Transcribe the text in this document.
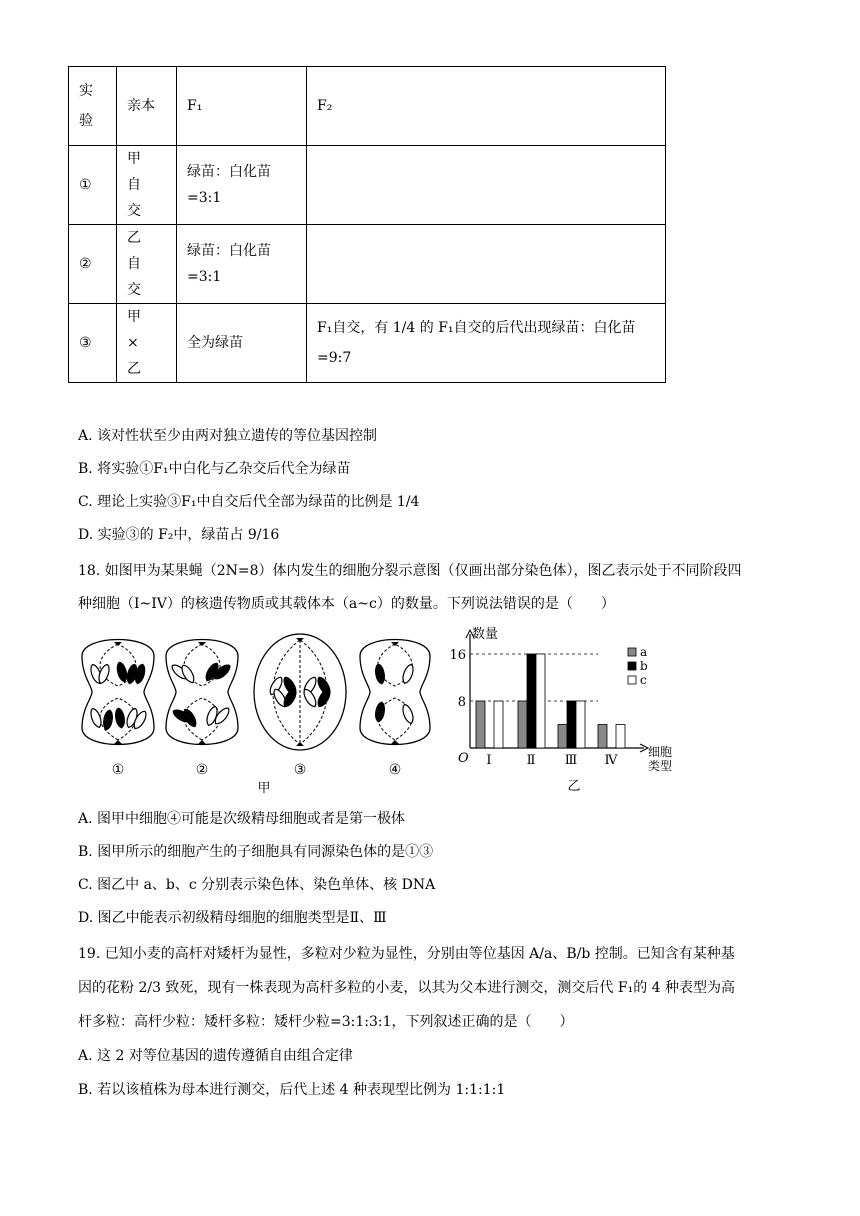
实验	亲本	F₁	F₂
①	甲
自
交	绿苗：白化苗=3:1	
②	乙
自
交	绿苗：白化苗=3:1	
③	甲
×
乙	全为绿苗	F₁自交，有 1/4 的 F₁自交的后代出现绿苗：白化苗
=9:7
A. 该对性状至少由两对独立遗传的等位基因控制
B. 将实验①F₁中白化与乙杂交后代全为绿苗
C. 理论上实验③F₁中自交后代全部为绿苗的比例是 1/4
D. 实验③的 F₂中，绿苗占 9/16
18. 如图甲为某果蝇（2N=8）体内发生的细胞分裂示意图（仅画出部分染色体），图乙表示处于不同阶段四
种细胞（I~IV）的核遗传物质或其载体本（a~c）的数量。下列说法错误的是（　　）
①	②	③	④
甲
数量
O	细胞
类型
8
16
Ⅰ	Ⅱ Ⅲ Ⅳ
a
b
c
乙
A. 图甲中细胞④可能是次级精母细胞或者是第一极体
B. 图甲所示的细胞产生的子细胞具有同源染色体的是①③
C. 图乙中 a、b、c 分别表示染色体、染色单体、核 DNA
D. 图乙中能表示初级精母细胞的细胞类型是Ⅱ、Ⅲ
19. 已知小麦的高杆对矮杆为显性，多粒对少粒为显性，分别由等位基因 A/a、B/b 控制。已知含有某种基
因的花粉 2/3 致死，现有一株表现为高杆多粒的小麦，以其为父本进行测交，测交后代 F₁的 4 种表型为高
杆多粒：高杆少粒：矮杆多粒：矮杆少粒=3:1:3:1，下列叙述正确的是（　　）
A. 这 2 对等位基因的遗传遵循自由组合定律
B. 若以该植株为母本进行测交，后代上述 4 种表现型比例为 1:1:1:1
